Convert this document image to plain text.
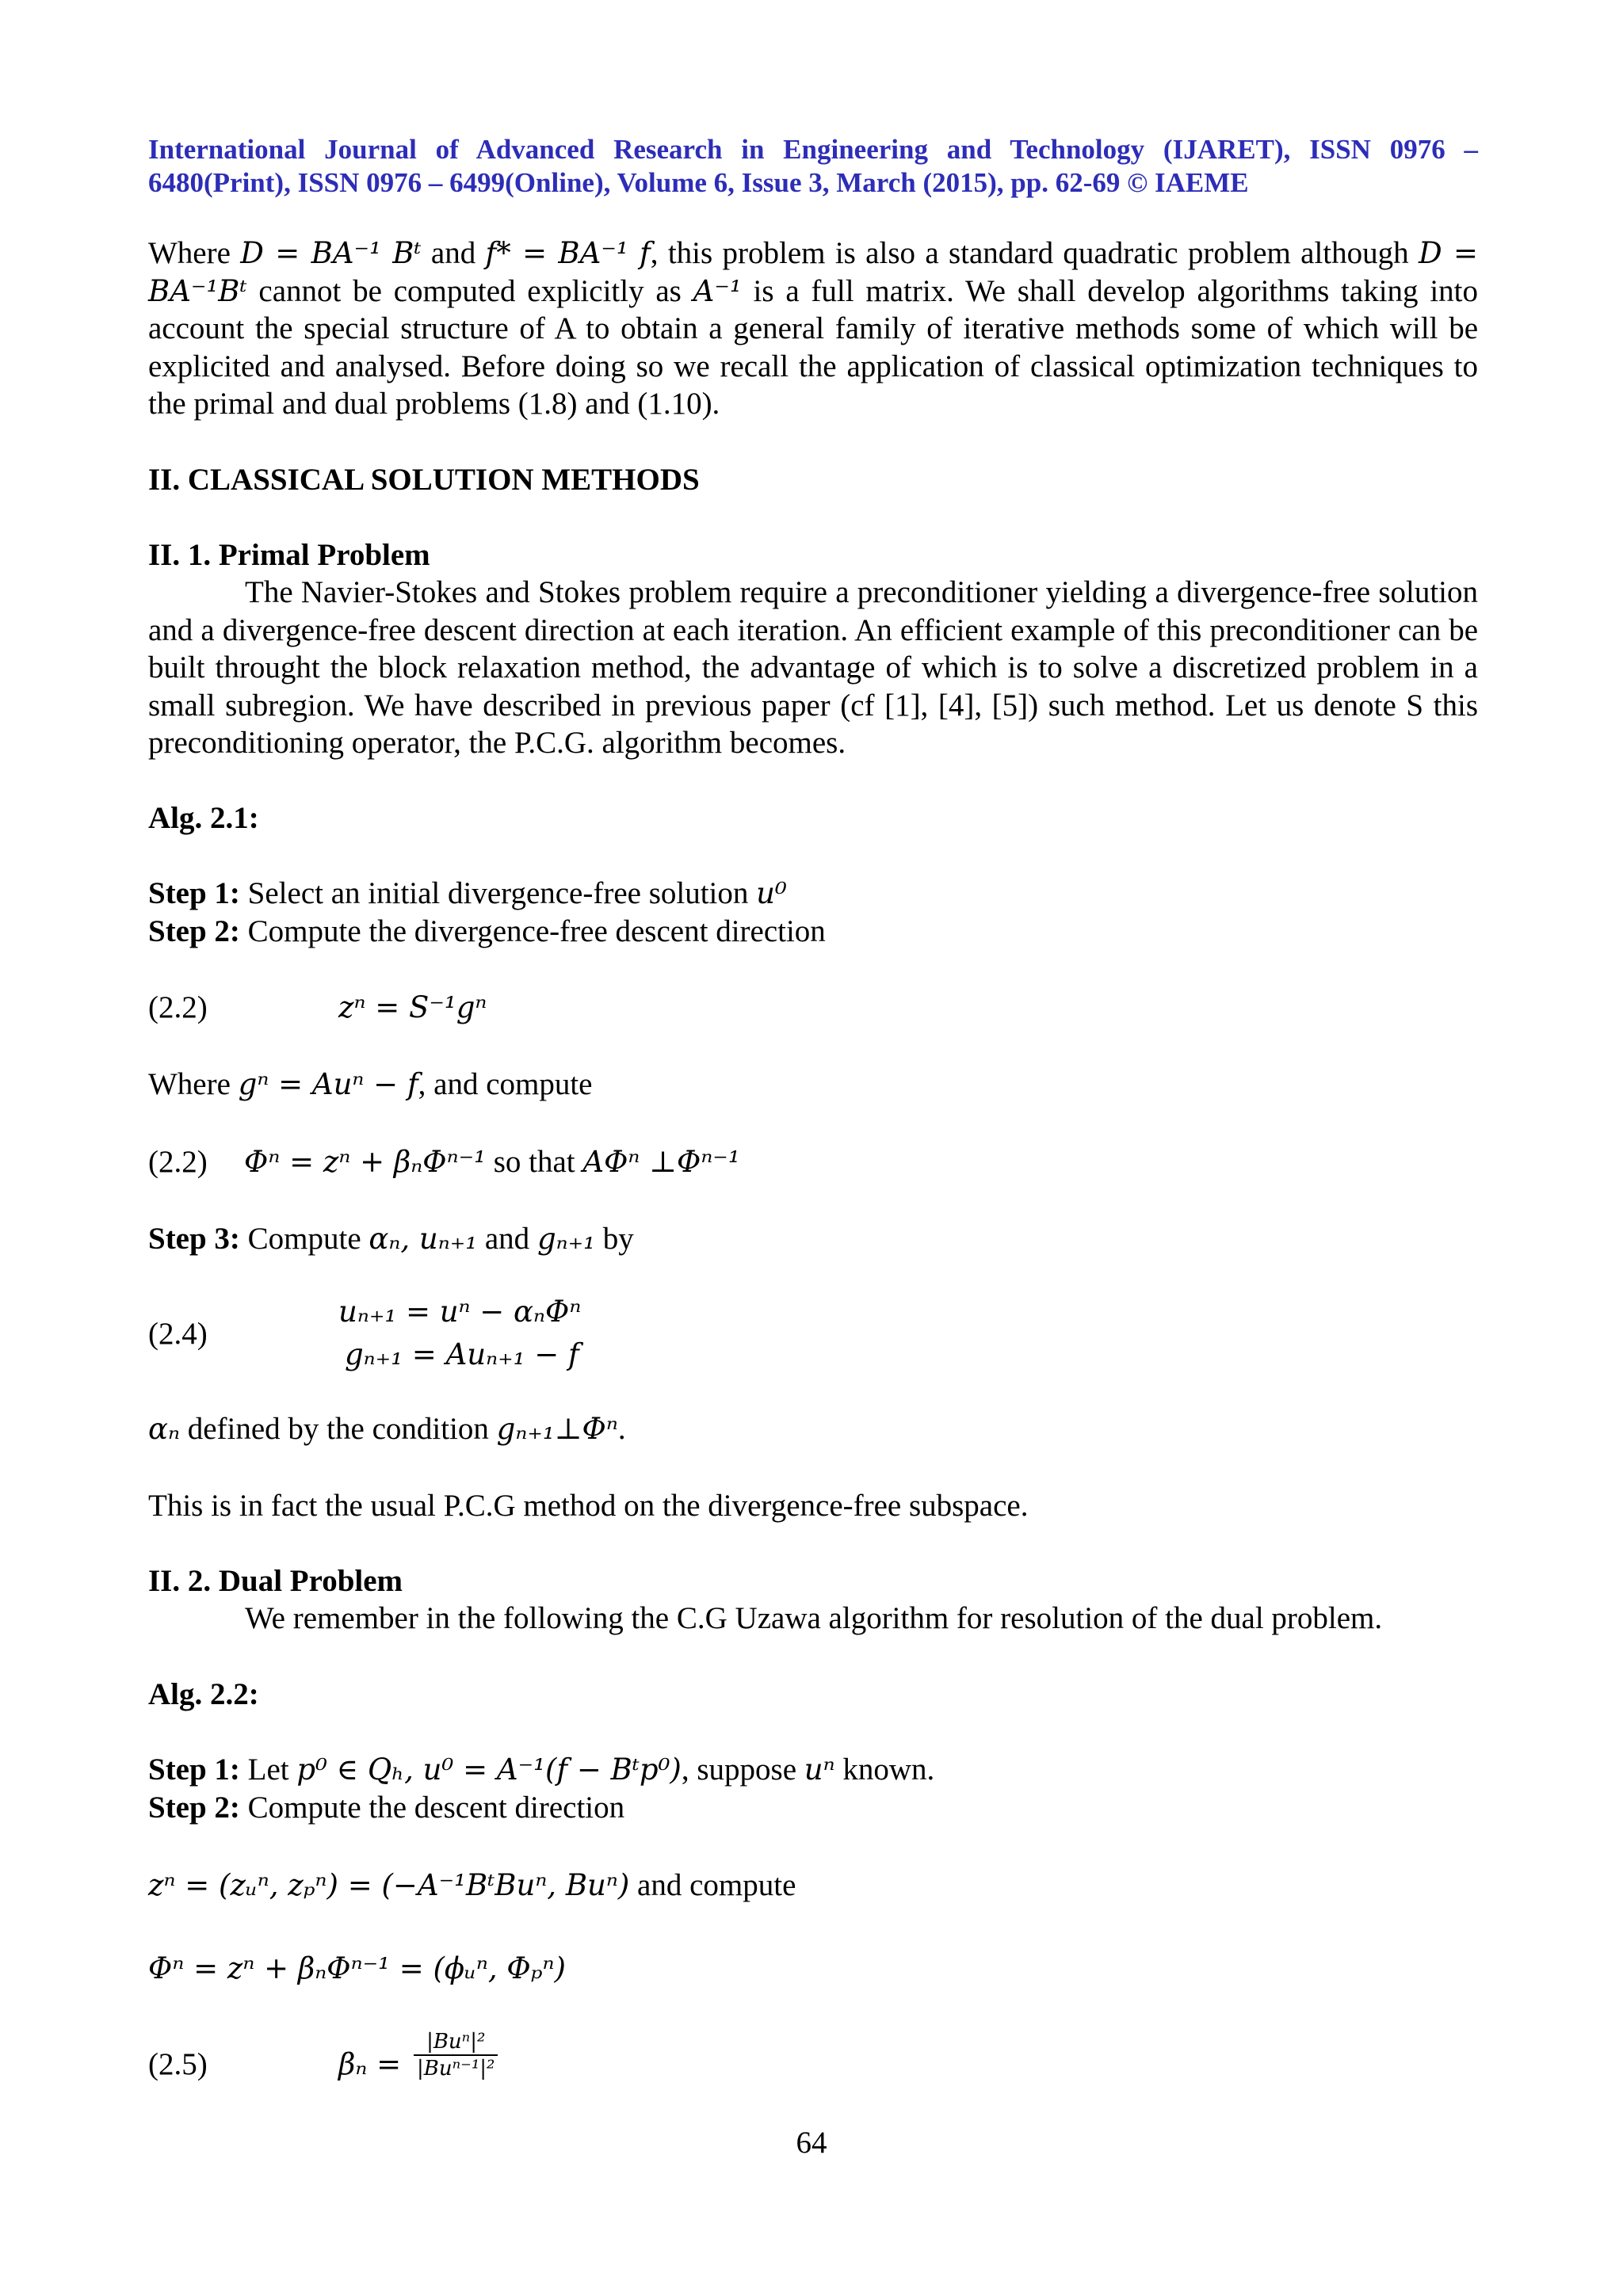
International Journal of Advanced Research in Engineering and Technology (IJARET), ISSN 0976 – 6480(Print), ISSN 0976 – 6499(Online), Volume 6, Issue 3, March (2015), pp. 62-69 © IAEME
Where D = BA⁻¹ Bᵗ and f* = BA⁻¹ f, this problem is also a standard quadratic problem although D = BA⁻¹Bᵗ cannot be computed explicitly as A⁻¹ is a full matrix. We shall develop algorithms taking into account the special structure of A to obtain a general family of iterative methods some of which will be explicited and analysed. Before doing so we recall the application of classical optimization techniques to the primal and dual problems (1.8) and (1.10).
II. CLASSICAL SOLUTION METHODS
II. 1. Primal Problem
The Navier-Stokes and Stokes problem require a preconditioner yielding a divergence-free solution and a divergence-free descent direction at each iteration. An efficient example of this preconditioner can be built throught the block relaxation method, the advantage of which is to solve a discretized problem in a small subregion. We have described in previous paper (cf [1], [4], [5]) such method. Let us denote S this preconditioning operator, the P.C.G. algorithm becomes.
Alg. 2.1:
Step 1: Select an initial divergence-free solution u⁰
Step 2: Compute the divergence-free descent direction
(2.2)	zⁿ = S⁻¹gⁿ
Where gⁿ = Auⁿ − f, and compute
(2.2) Φⁿ = zⁿ + βₙΦⁿ⁻¹ so that AΦⁿ ⊥Φⁿ⁻¹
Step 3: Compute αₙ, uₙ₊₁ and gₙ₊₁ by
(2.4)
uₙ₊₁ = uⁿ − αₙΦⁿ
gₙ₊₁ = Auₙ₊₁ − f
αₙ defined by the condition gₙ₊₁⊥Φⁿ.
This is in fact the usual P.C.G method on the divergence-free subspace.
II. 2. Dual Problem
We remember in the following the C.G Uzawa algorithm for resolution of the dual problem.
Alg. 2.2:
Step 1: Let p⁰ ∈ Qₕ, u⁰ = A⁻¹(f − Bᵗp⁰), suppose uⁿ known.
Step 2: Compute the descent direction
zⁿ = (zᵤⁿ, zₚⁿ) = (−A⁻¹BᵗBuⁿ, Buⁿ) and compute
Φⁿ = zⁿ + βₙΦⁿ⁻¹ = (ϕᵤⁿ, Φₚⁿ)
(2.5)	βₙ =
|Buⁿ|²
|Buⁿ⁻¹|²
64
